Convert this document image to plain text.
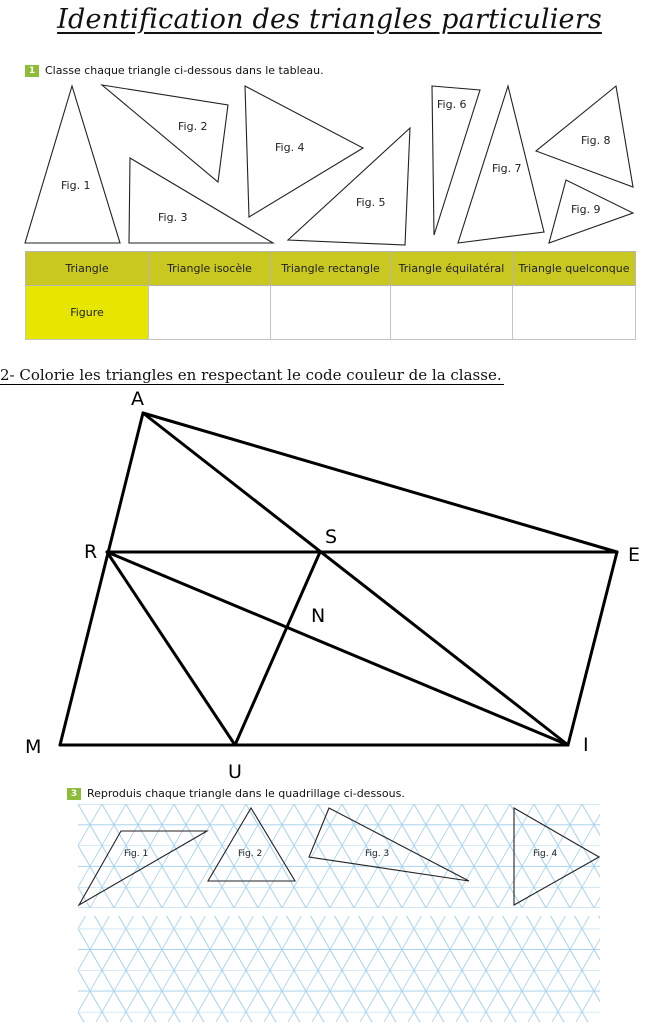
Identification des triangles particuliers
1 Classe chaque triangle ci-dessous dans le tableau.
Fig. 1
Fig. 2
Fig. 3
Fig. 4
Fig. 5
Fig. 6
Fig. 7
Fig. 8
Fig. 9
Triangle	Triangle isocèle	Triangle rectangle	Triangle équilatéral	Triangle quelconque
Figure				
2- Colorie les triangles en respectant le code couleur de la classe.
A
R
S
E
N
M
U
I
3 Reproduis chaque triangle dans le quadrillage ci-dessous.
Fig. 1	Fig. 2	Fig. 3	Fig. 4
